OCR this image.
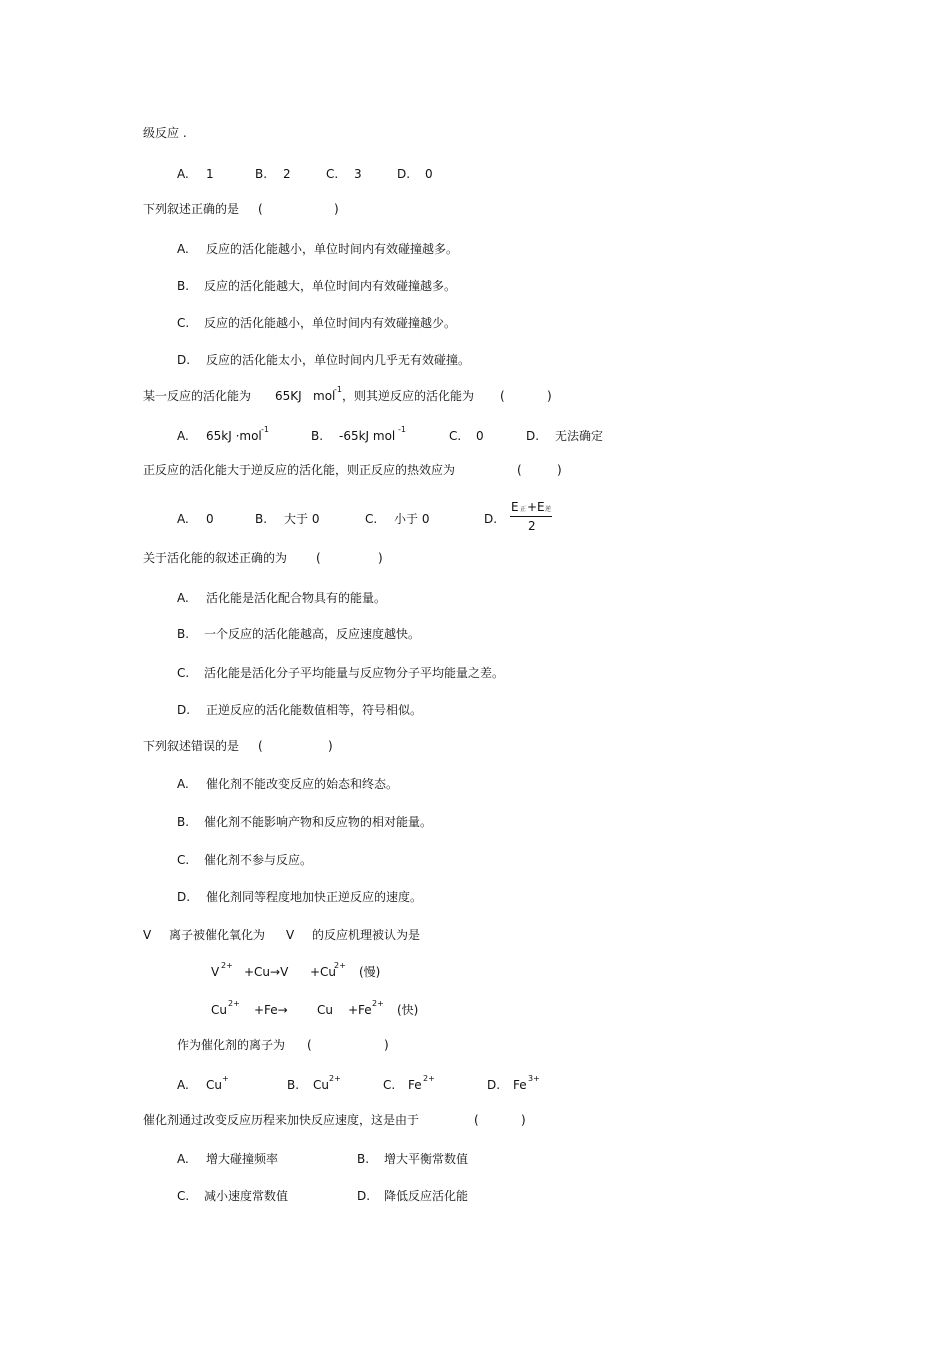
级反应 .
A. 1	B. 2	C. 3	D. 0
下列叙述正确的是 (	)
A. 反应的活化能越小，单位时间内有效碰撞越多。
B. 反应的活化能越大，单位时间内有效碰撞越多。
C. 反应的活化能越小，单位时间内有效碰撞越少。
D. 反应的活化能太小，单位时间内几乎无有效碰撞。
某一反应的活化能为 65KJ mol
-1 ，则其逆反应的活化能为 (	)
A. 65kJ ·mol -1	B. -65kJ mol -1	C. 0	D. 无法确定
正反应的活化能大于逆反应的活化能，则正反应的热效应为	(	)
A. 0	B. 大于 0	C. 小于 0	D.
E 正 +E 逆
2
关于活化能的叙述正确的为 (	)
A. 活化能是活化配合物具有的能量。
B. 一个反应的活化能越高，反应速度越快。
C. 活化能是活化分子平均能量与反应物分子平均能量之差。
D. 正逆反应的活化能数值相等，符号相似。
下列叙述错误的是 (	)
A. 催化剂不能改变反应的始态和终态。
B. 催化剂不能影响产物和反应物的相对能量。
C. 催化剂不参与反应。
D. 催化剂同等程度地加快正逆反应的速度。
V 离子被催化氧化为 V 的反应机理被认为是
V 2+ +Cu→V +Cu
2+ (慢)
Cu 2+ +Fe→ Cu +Fe 2+ (快)
作为催化剂的离子为 (	)
A. Cu +	B. Cu 2+	C. Fe 2+	D. Fe 3+
催化剂通过改变反应历程来加快反应速度，这是由于	(	)
A. 增大碰撞频率	B. 增大平衡常数值
C. 减小速度常数值	D. 降低反应活化能
